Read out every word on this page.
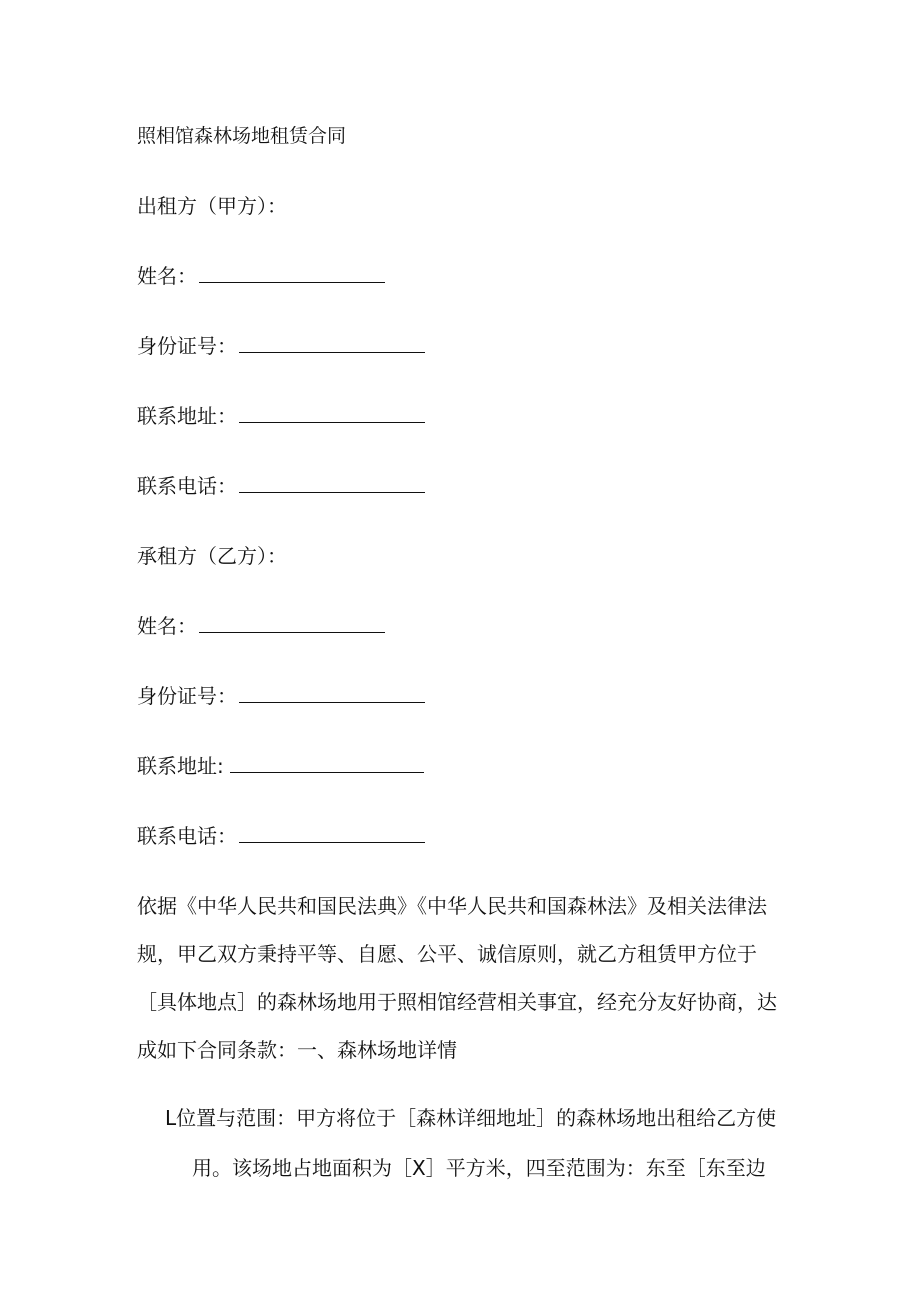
照相馆森林场地租赁合同
出租方（甲方）：
姓名：
身份证号：
联系地址：
联系电话：
承租方（乙方）：
姓名：
身份证号：
联系地址:
联系电话：
依据《中华人民共和国民法典》《中华人民共和国森林法》及相关法律法
规，甲乙双方秉持平等、自愿、公平、诚信原则，就乙方租赁甲方位于
［具体地点］的森林场地用于照相馆经营相关事宜，经充分友好协商，达
成如下合同条款：一、森林场地详情
L位置与范围：甲方将位于［森林详细地址］的森林场地出租给乙方使
用。该场地占地面积为［X］平方米，四至范围为：东至［东至边
